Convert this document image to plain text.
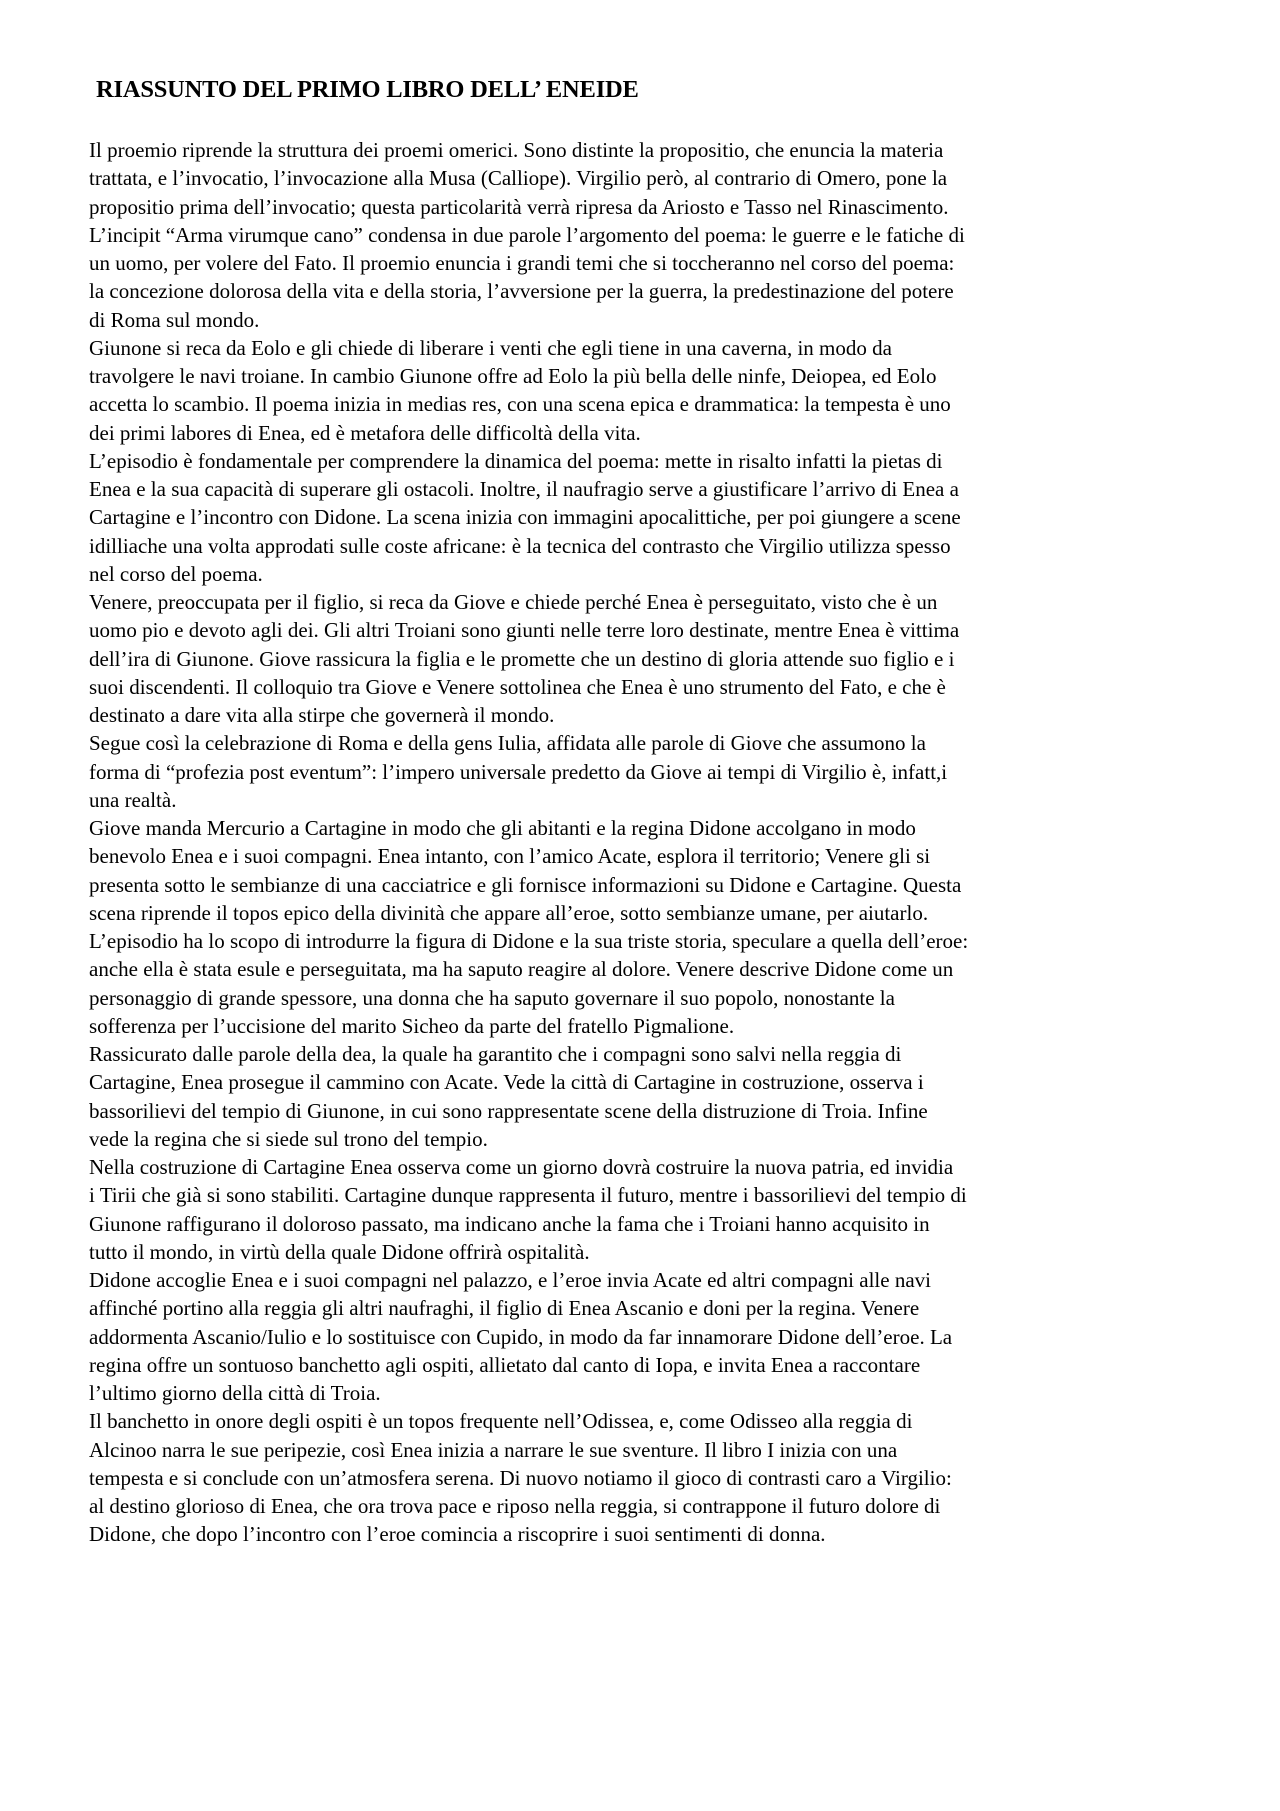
RIASSUNTO DEL PRIMO LIBRO DELL’ ENEIDE
Il proemio riprende la struttura dei proemi omerici. Sono distinte la propositio, che enuncia la materia
trattata, e l’invocatio, l’invocazione alla Musa (Calliope). Virgilio però, al contrario di Omero, pone la
propositio prima dell’invocatio; questa particolarità verrà ripresa da Ariosto e Tasso nel Rinascimento.
L’incipit “Arma virumque cano” condensa in due parole l’argomento del poema: le guerre e le fatiche di
un uomo, per volere del Fato. Il proemio enuncia i grandi temi che si toccheranno nel corso del poema:
la concezione dolorosa della vita e della storia, l’avversione per la guerra, la predestinazione del potere
di Roma sul mondo.
Giunone si reca da Eolo e gli chiede di liberare i venti che egli tiene in una caverna, in modo da
travolgere le navi troiane. In cambio Giunone offre ad Eolo la più bella delle ninfe, Deiopea, ed Eolo
accetta lo scambio. Il poema inizia in medias res, con una scena epica e drammatica: la tempesta è uno
dei primi labores di Enea, ed è metafora delle difficoltà della vita.
L’episodio è fondamentale per comprendere la dinamica del poema: mette in risalto infatti la pietas di
Enea e la sua capacità di superare gli ostacoli. Inoltre, il naufragio serve a giustificare l’arrivo di Enea a
Cartagine e l’incontro con Didone. La scena inizia con immagini apocalittiche, per poi giungere a scene
idilliache una volta approdati sulle coste africane: è la tecnica del contrasto che Virgilio utilizza spesso
nel corso del poema.
Venere, preoccupata per il figlio, si reca da Giove e chiede perché Enea è perseguitato, visto che è un
uomo pio e devoto agli dei. Gli altri Troiani sono giunti nelle terre loro destinate, mentre Enea è vittima
dell’ira di Giunone. Giove rassicura la figlia e le promette che un destino di gloria attende suo figlio e i
suoi discendenti. Il colloquio tra Giove e Venere sottolinea che Enea è uno strumento del Fato, e che è
destinato a dare vita alla stirpe che governerà il mondo.
Segue così la celebrazione di Roma e della gens Iulia, affidata alle parole di Giove che assumono la
forma di “profezia post eventum”: l’impero universale predetto da Giove ai tempi di Virgilio è, infatt,i
una realtà.
Giove manda Mercurio a Cartagine in modo che gli abitanti e la regina Didone accolgano in modo
benevolo Enea e i suoi compagni. Enea intanto, con l’amico Acate, esplora il territorio; Venere gli si
presenta sotto le sembianze di una cacciatrice e gli fornisce informazioni su Didone e Cartagine. Questa
scena riprende il topos epico della divinità che appare all’eroe, sotto sembianze umane, per aiutarlo.
L’episodio ha lo scopo di introdurre la figura di Didone e la sua triste storia, speculare a quella dell’eroe:
anche ella è stata esule e perseguitata, ma ha saputo reagire al dolore. Venere descrive Didone come un
personaggio di grande spessore, una donna che ha saputo governare il suo popolo, nonostante la
sofferenza per l’uccisione del marito Sicheo da parte del fratello Pigmalione.
Rassicurato dalle parole della dea, la quale ha garantito che i compagni sono salvi nella reggia di
Cartagine, Enea prosegue il cammino con Acate. Vede la città di Cartagine in costruzione, osserva i
bassorilievi del tempio di Giunone, in cui sono rappresentate scene della distruzione di Troia. Infine
vede la regina che si siede sul trono del tempio.
Nella costruzione di Cartagine Enea osserva come un giorno dovrà costruire la nuova patria, ed invidia
i Tirii che già si sono stabiliti. Cartagine dunque rappresenta il futuro, mentre i bassorilievi del tempio di
Giunone raffigurano il doloroso passato, ma indicano anche la fama che i Troiani hanno acquisito in
tutto il mondo, in virtù della quale Didone offrirà ospitalità.
Didone accoglie Enea e i suoi compagni nel palazzo, e l’eroe invia Acate ed altri compagni alle navi
affinché portino alla reggia gli altri naufraghi, il figlio di Enea Ascanio e doni per la regina. Venere
addormenta Ascanio/Iulio e lo sostituisce con Cupido, in modo da far innamorare Didone dell’eroe. La
regina offre un sontuoso banchetto agli ospiti, allietato dal canto di Iopa, e invita Enea a raccontare
l’ultimo giorno della città di Troia.
Il banchetto in onore degli ospiti è un topos frequente nell’Odissea, e, come Odisseo alla reggia di
Alcinoo narra le sue peripezie, così Enea inizia a narrare le sue sventure. Il libro I inizia con una
tempesta e si conclude con un’atmosfera serena. Di nuovo notiamo il gioco di contrasti caro a Virgilio:
al destino glorioso di Enea, che ora trova pace e riposo nella reggia, si contrappone il futuro dolore di
Didone, che dopo l’incontro con l’eroe comincia a riscoprire i suoi sentimenti di donna.
